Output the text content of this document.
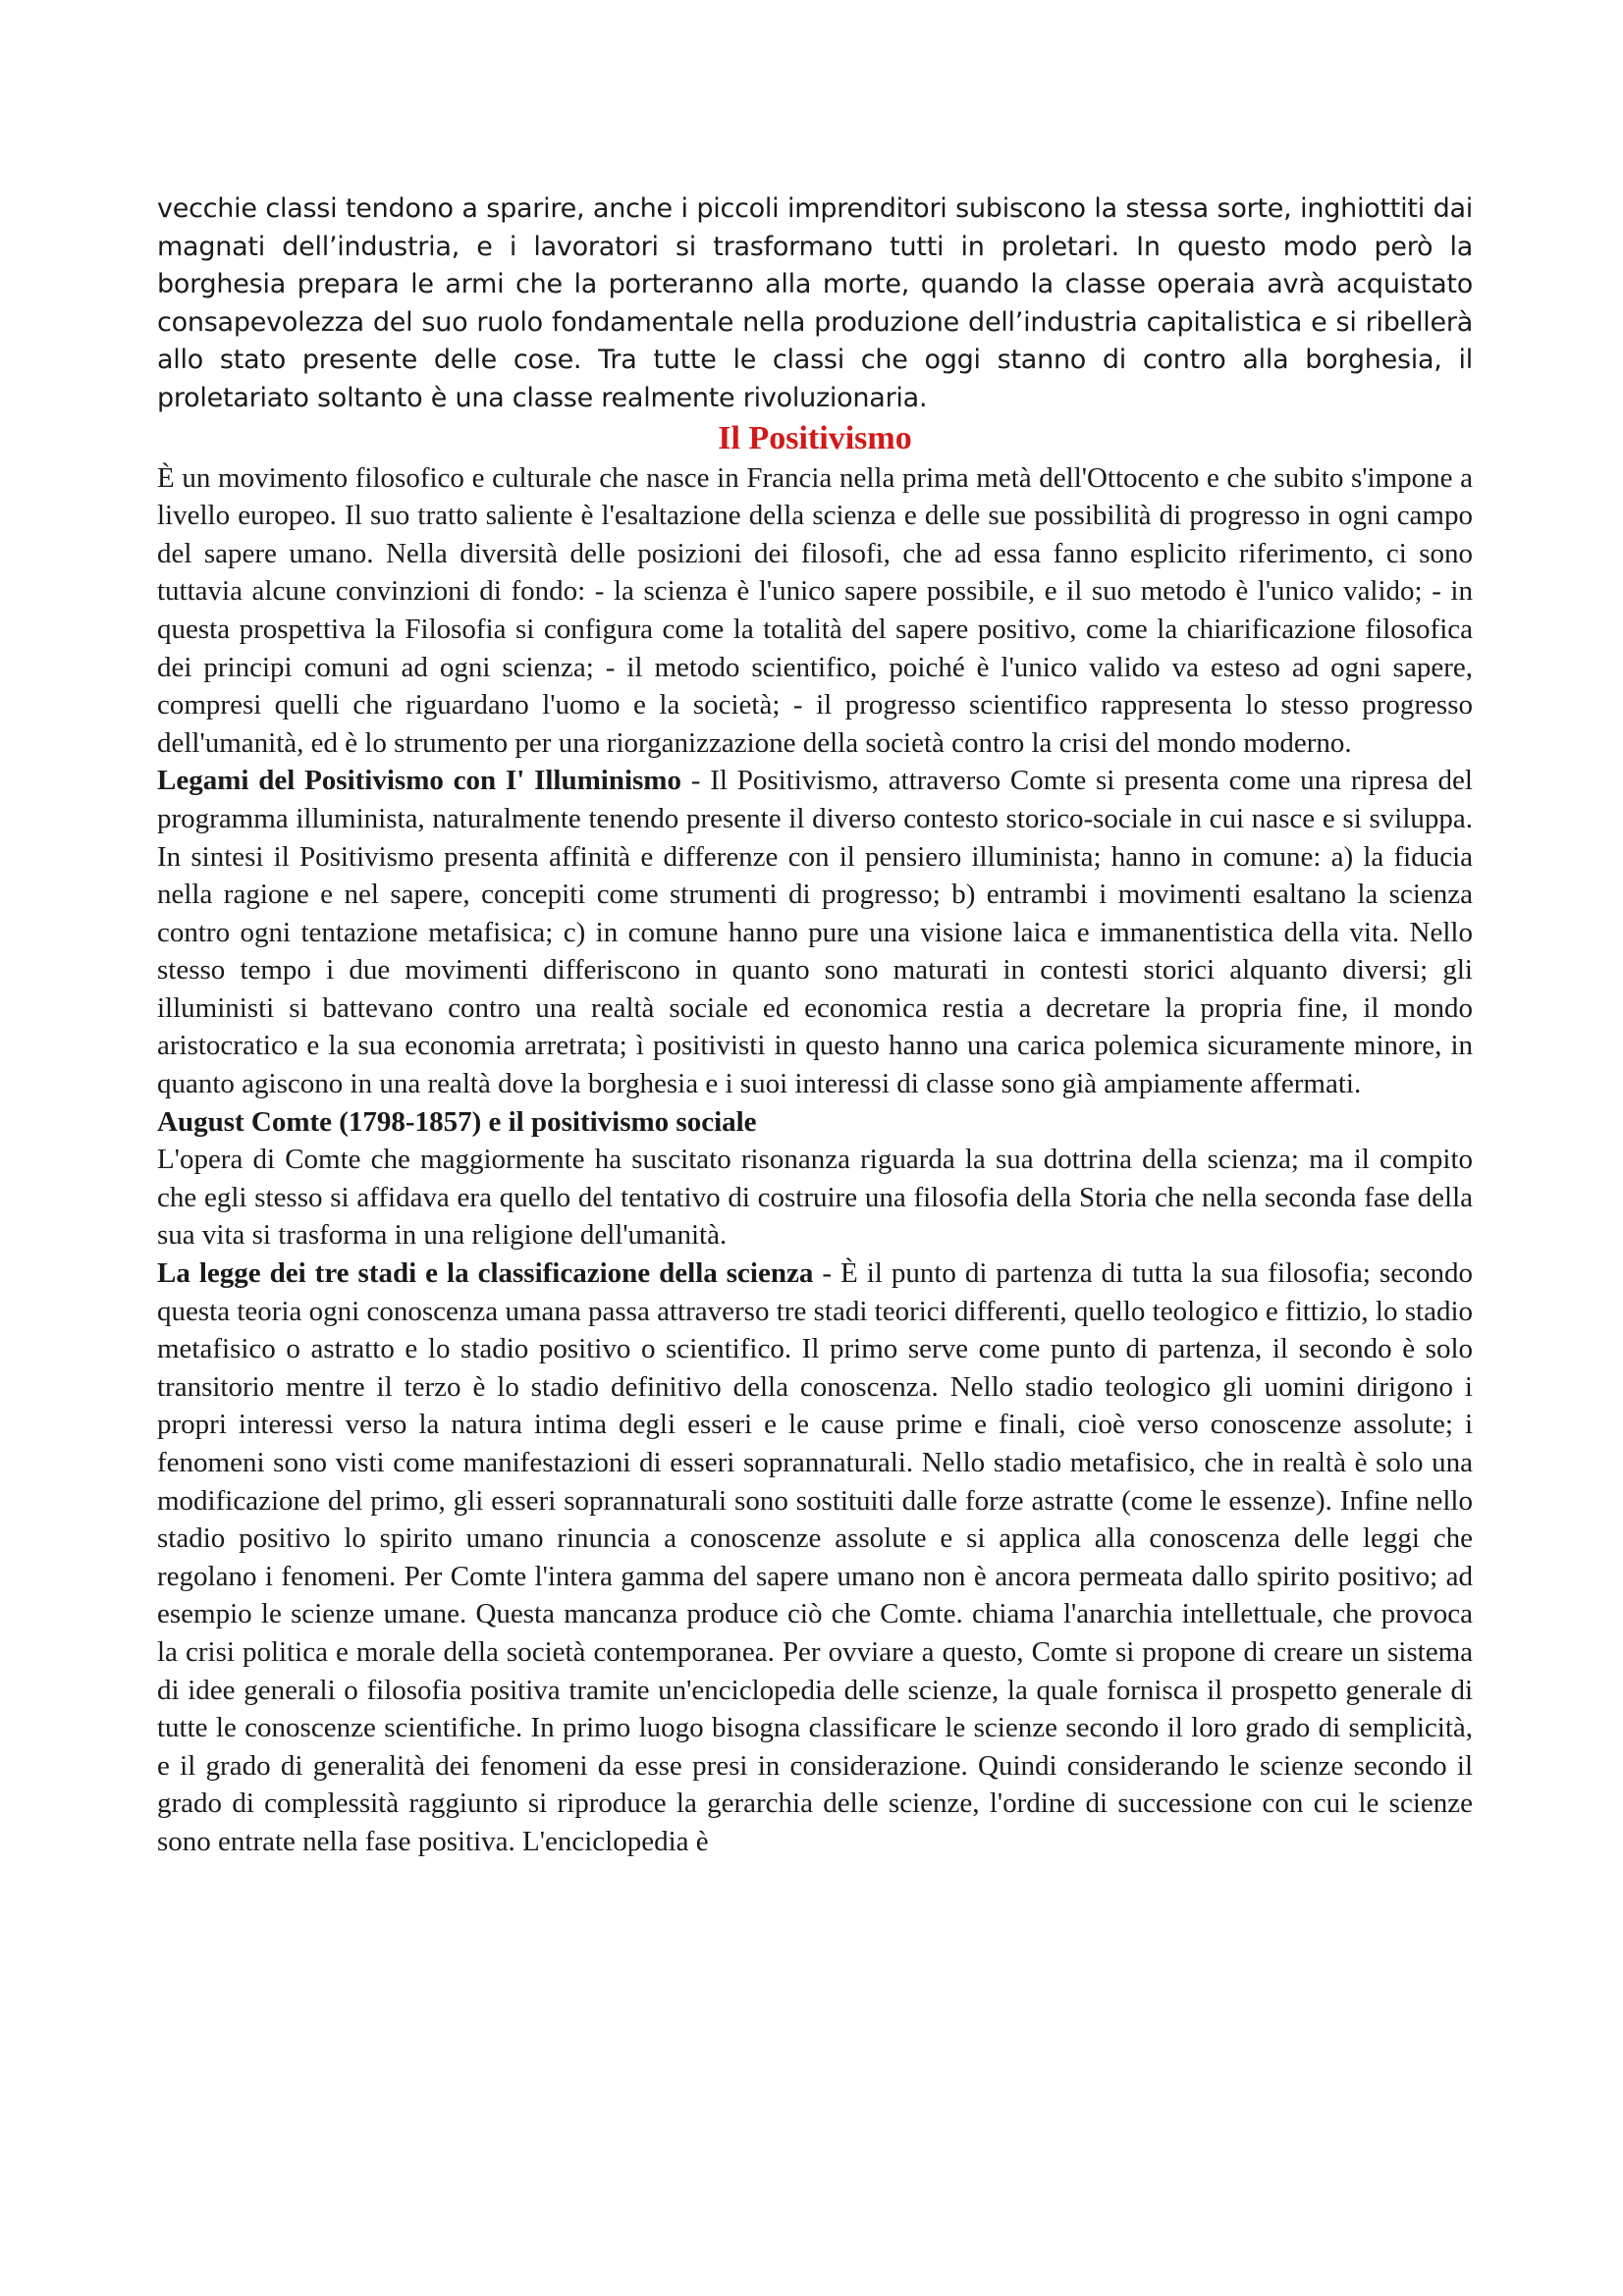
vecchie classi tendono a sparire, anche i piccoli imprenditori subiscono la stessa sorte, inghiottiti dai magnati dell’industria, e i lavoratori si trasformano tutti in proletari. In questo modo però la borghesia prepara le armi che la porteranno alla morte, quando la classe operaia avrà acquistato consapevolezza del suo ruolo fondamentale nella produzione dell’industria capitalistica e si ribellerà allo stato presente delle cose. Tra tutte le classi che oggi stanno di contro alla borghesia, il proletariato soltanto è una classe realmente rivoluzionaria.

Il Positivismo

È un movimento filosofico e culturale che nasce in Francia nella prima metà dell'Ottocento e che subito s'impone a livello europeo. Il suo tratto saliente è l'esaltazione della scienza e delle sue possibilità di progresso in ogni campo del sapere umano. Nella diversità delle posizioni dei filosofi, che ad essa fanno esplicito riferimento, ci sono tuttavia alcune convinzioni di fondo: - la scienza è l'unico sapere possibile, e il suo metodo è l'unico valido; - in questa prospettiva la Filosofia si configura come la totalità del sapere positivo, come la chiarificazione filosofica dei principi comuni ad ogni scienza; - il metodo scientifico, poiché è l'unico valido va esteso ad ogni sapere, compresi quelli che riguardano l'uomo e la società; - il progresso scientifico rappresenta lo stesso progresso dell'umanità, ed è lo strumento per una riorganizzazione della società contro la crisi del mondo moderno.

Legami del Positivismo con I' Illuminismo - Il Positivismo, attraverso Comte si presenta come una ripresa del programma illuminista, naturalmente tenendo presente il diverso contesto storico-sociale in cui nasce e si sviluppa. In sintesi il Positivismo presenta affinità e differenze con il pensiero illuminista; hanno in comune: a) la fiducia nella ragione e nel sapere, concepiti come strumenti di progresso; b) entrambi i movimenti esaltano la scienza contro ogni tentazione metafisica; c) in comune hanno pure una visione laica e immanentistica della vita. Nello stesso tempo i due movimenti differiscono in quanto sono maturati in contesti storici alquanto diversi; gli illuministi si battevano contro una realtà sociale ed economica restia a decretare la propria fine, il mondo aristocratico e la sua economia arretrata; ì positivisti in questo hanno una carica polemica sicuramente minore, in quanto agiscono in una realtà dove la borghesia e i suoi interessi di classe sono già ampiamente affermati.

August Comte (1798-1857) e il positivismo sociale

L'opera di Comte che maggiormente ha suscitato risonanza riguarda la sua dottrina della scienza; ma il compito che egli stesso si affidava era quello del tentativo di costruire una filosofia della Storia che nella seconda fase della sua vita si trasforma in una religione dell'umanità.

La legge dei tre stadi e la classificazione della scienza - È il punto di partenza di tutta la sua filosofia; secondo questa teoria ogni conoscenza umana passa attraverso tre stadi teorici differenti, quello teologico e fittizio, lo stadio metafisico o astratto e lo stadio positivo o scientifico. Il primo serve come punto di partenza, il secondo è solo transitorio mentre il terzo è lo stadio definitivo della conoscenza. Nello stadio teologico gli uomini dirigono i propri interessi verso la natura intima degli esseri e le cause prime e finali, cioè verso conoscenze assolute; i fenomeni sono visti come manifestazioni di esseri soprannaturali. Nello stadio metafisico, che in realtà è solo una modificazione del primo, gli esseri soprannaturali sono sostituiti dalle forze astratte (come le essenze). Infine nello stadio positivo lo spirito umano rinuncia a conoscenze assolute e si applica alla conoscenza delle leggi che regolano i fenomeni. Per Comte l'intera gamma del sapere umano non è ancora permeata dallo spirito positivo; ad esempio le scienze umane. Questa mancanza produce ciò che Comte. chiama l'anarchia intellettuale, che provoca la crisi politica e morale della società contemporanea. Per ovviare a questo, Comte si propone di creare un sistema di idee generali o filosofia positiva tramite un'enciclopedia delle scienze, la quale fornisca il prospetto generale di tutte le conoscenze scientifiche. In primo luogo bisogna classificare le scienze secondo il loro grado di semplicità, e il grado di generalità dei fenomeni da esse presi in considerazione. Quindi considerando le scienze secondo il grado di complessità raggiunto si riproduce la gerarchia delle scienze, l'ordine di successione con cui le scienze sono entrate nella fase positiva. L'enciclopedia è
